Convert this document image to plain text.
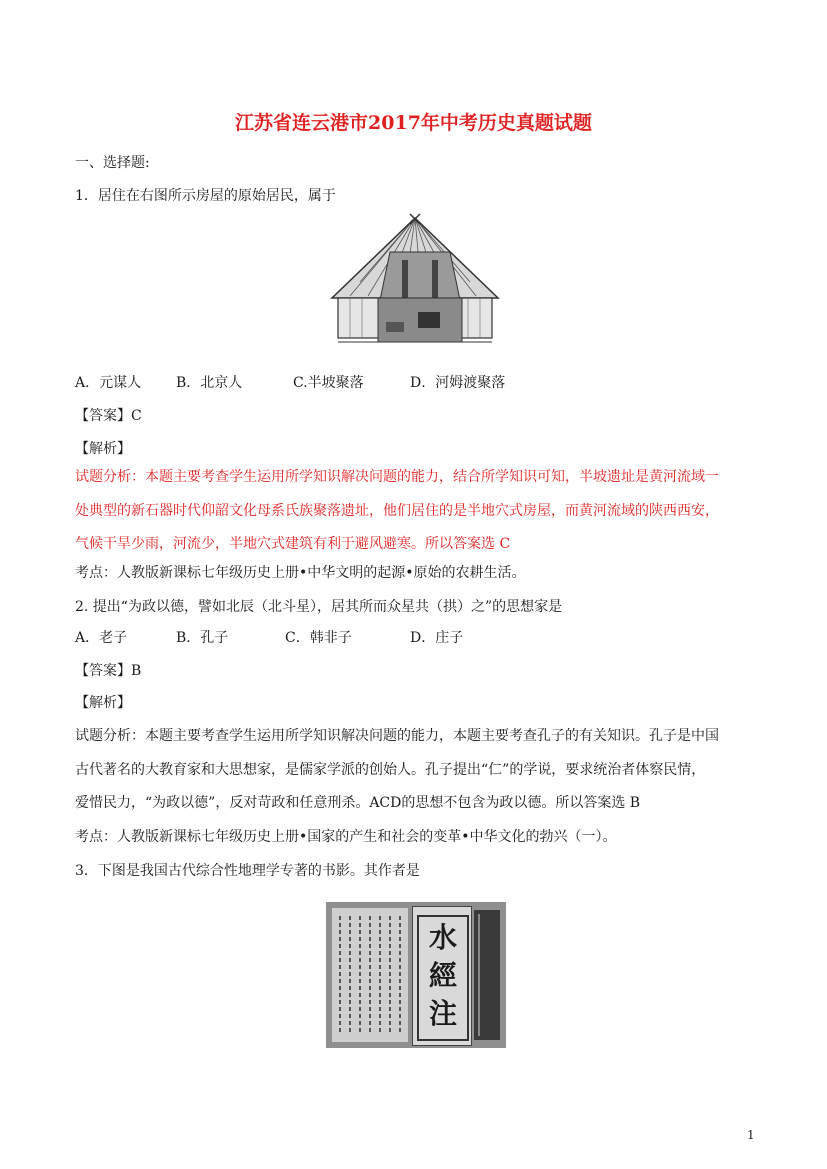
江苏省连云港市2017年中考历史真题试题
一、选择题:
1．居住在右图所示房屋的原始居民，属于
A．元谋人 B．北京人	C.半坡聚落	D．河姆渡聚落
【答案】C
【解析】
试题分析：本题主要考查学生运用所学知识解决问题的能力，结合所学知识可知，半坡遗址是黄河流域一
处典型的新石器时代仰韶文化母系氏族聚落遗址，他们居住的是半地穴式房屋，而黄河流域的陕西西安，
气候干旱少雨，河流少，半地穴式建筑有利于避风避寒。所以答案选 C
考点：人教版新课标七年级历史上册•中华文明的起源•原始的农耕生活。
2. 提出“为政以德，譬如北辰（北斗星），居其所而众星共（拱）之”的思想家是
A．老子	B．孔子	C．韩非子	D．庄子
【答案】B
【解析】
试题分析：本题主要考查学生运用所学知识解决问题的能力，本题主要考查孔子的有关知识。孔子是中国
古代著名的大教育家和大思想家，是儒家学派的创始人。孔子提出“仁”的学说，要求统治者体察民情，
爱惜民力，“为政以德”，反对苛政和任意刑杀。ACD的思想不包含为政以德。所以答案选 B
考点：人教版新课标七年级历史上册•国家的产生和社会的变革•中华文化的勃兴（一）。
3．下图是我国古代综合性地理学专著的书影。其作者是
水
經
注
1
